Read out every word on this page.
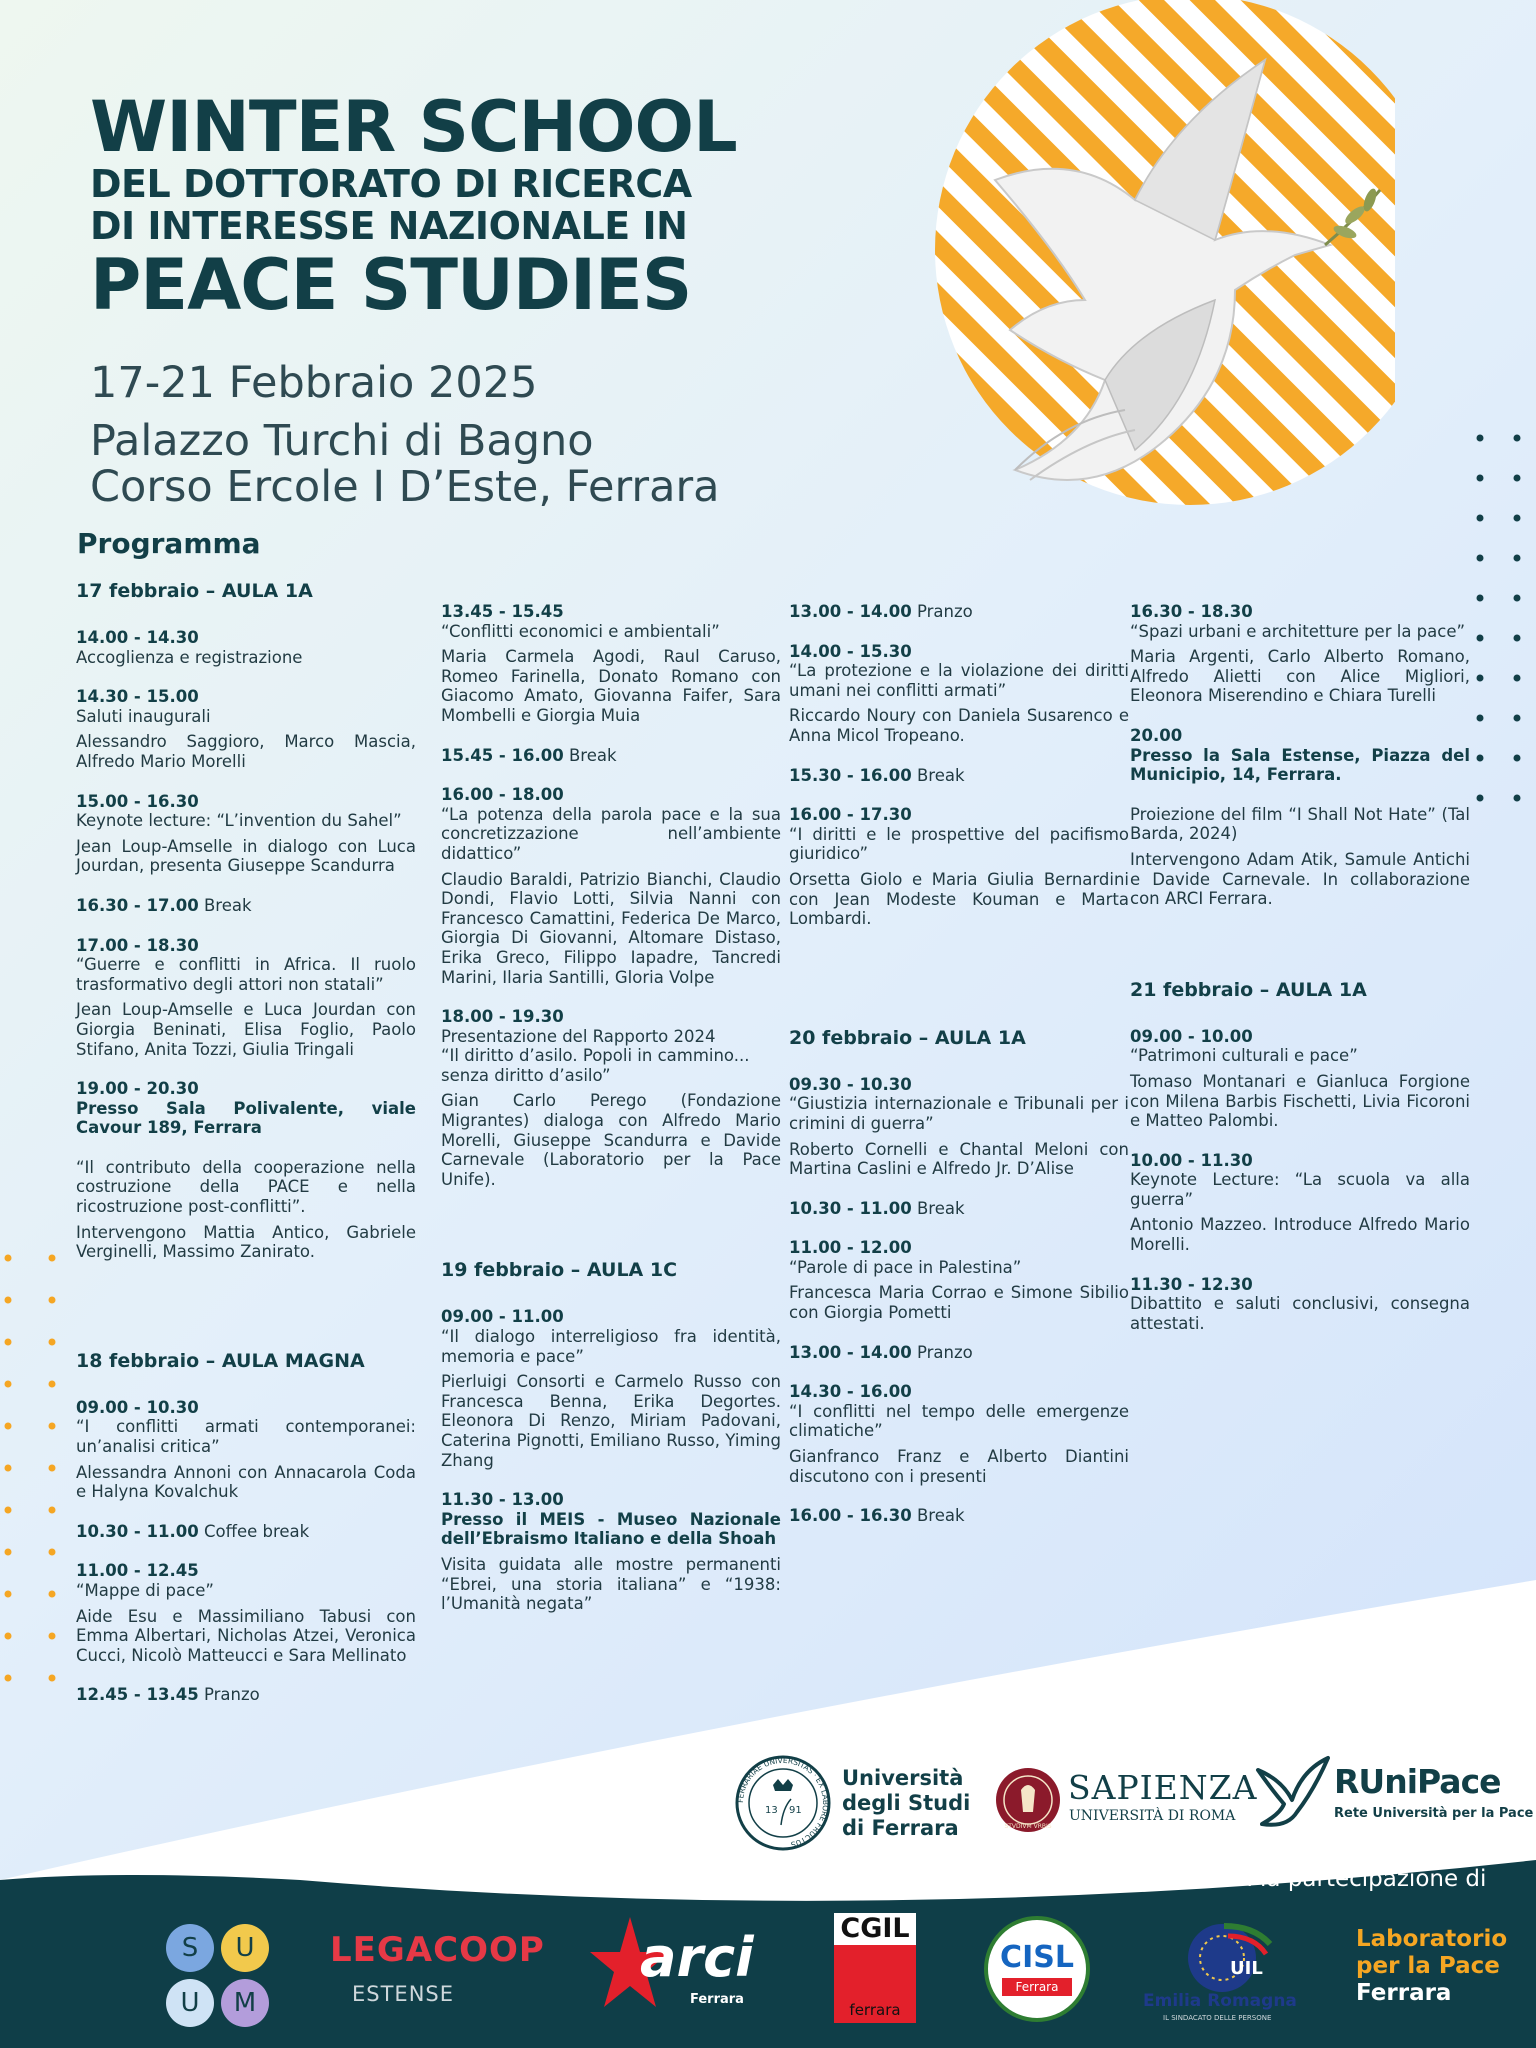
WINTER SCHOOL
DEL DOTTORATO DI RICERCA
DI INTERESSE NAZIONALE IN
PEACE STUDIES
17-21 Febbraio 2025
Palazzo Turchi di Bagno
Corso Ercole I D’Este, Ferrara
Programma

17 febbraio – AULA 1A

14.00 - 14.30
Accoglienza e registrazione

14.30 - 15.00
Saluti inaugurali

Alessandro Saggioro, Marco Mascia, Alfredo Mario Morelli

15.00 - 16.30
Keynote lecture: “L’invention du Sahel”

Jean Loup-Amselle in dialogo con Luca Jourdan, presenta Giuseppe Scandurra

16.30 - 17.00 Break

17.00 - 18.30
“Guerre e conflitti in Africa. Il ruolo trasformativo degli attori non statali”

Jean Loup-Amselle e Luca Jourdan con Giorgia Beninati, Elisa Foglio, Paolo Stifano, Anita Tozzi, Giulia Tringali

19.00 - 20.30
Presso Sala Polivalente, viale Cavour 189, Ferrara

“Il contributo della cooperazione nella costruzione della PACE e nella ricostruzione post-conflitti”.

Intervengono Mattia Antico, Gabriele Verginelli, Massimo Zanirato.

18 febbraio – AULA MAGNA

09.00 - 10.30
“I conflitti armati contemporanei: un’analisi critica”

Alessandra Annoni con Annacarola Coda e Halyna Kovalchuk

10.30 - 11.00 Coffee break

11.00 - 12.45
“Mappe di pace”

Aide Esu e Massimiliano Tabusi con Emma Albertari, Nicholas Atzei, Veronica Cucci, Nicolò Matteucci e Sara Mellinato

12.45 - 13.45 Pranzo

13.45 - 15.45
“Conflitti economici e ambientali”

Maria Carmela Agodi, Raul Caruso, Romeo Farinella, Donato Romano con Giacomo Amato, Giovanna Faifer, Sara Mombelli e Giorgia Muia

15.45 - 16.00 Break

16.00 - 18.00
“La potenza della parola pace e la sua concretizzazione nell’ambiente didattico”

Claudio Baraldi, Patrizio Bianchi, Claudio Dondi, Flavio Lotti, Silvia Nanni con Francesco Camattini, Federica De Marco, Giorgia Di Giovanni, Altomare Distaso, Erika Greco, Filippo Iapadre, Tancredi Marini, Ilaria Santilli, Gloria Volpe

18.00 - 19.30
Presentazione del Rapporto 2024
“Il diritto d’asilo. Popoli in cammino... senza diritto d’asilo”

Gian Carlo Perego (Fondazione Migrantes) dialoga con Alfredo Mario Morelli, Giuseppe Scandurra e Davide Carnevale (Laboratorio per la Pace Unife).

19 febbraio – AULA 1C

09.00 - 11.00
“Il dialogo interreligioso fra identità, memoria e pace”

Pierluigi Consorti e Carmelo Russo con Francesca Benna, Erika Degortes. Eleonora Di Renzo, Miriam Padovani, Caterina Pignotti, Emiliano Russo, Yiming Zhang

11.30 - 13.00
Presso il MEIS - Museo Nazionale dell’Ebraismo Italiano e della Shoah

Visita guidata alle mostre permanenti “Ebrei, una storia italiana” e “1938: l’Umanità negata”

13.00 - 14.00 Pranzo

14.00 - 15.30
“La protezione e la violazione dei diritti umani nei conflitti armati”

Riccardo Noury con Daniela Susarenco e Anna Micol Tropeano.

15.30 - 16.00 Break

16.00 - 17.30
“I diritti e le prospettive del pacifismo giuridico”

Orsetta Giolo e Maria Giulia Bernardini con Jean Modeste Kouman e Marta Lombardi.

20 febbraio – AULA 1A

09.30 - 10.30
“Giustizia internazionale e Tribunali per i crimini di guerra”

Roberto Cornelli e Chantal Meloni con Martina Caslini e Alfredo Jr. D’Alise

10.30 - 11.00 Break

11.00 - 12.00
“Parole di pace in Palestina”

Francesca Maria Corrao e Simone Sibilio con Giorgia Pometti

13.00 - 14.00 Pranzo

14.30 - 16.00
“I conflitti nel tempo delle emergenze climatiche”

Gianfranco Franz e Alberto Diantini discutono con i presenti

16.00 - 16.30 Break

16.30 - 18.30
“Spazi urbani e architetture per la pace”

Maria Argenti, Carlo Alberto Romano, Alfredo Alietti con Alice Migliori, Eleonora Miserendino e Chiara Turelli

20.00
Presso la Sala Estense, Piazza del Municipio, 14, Ferrara.

Proiezione del film “I Shall Not Hate” (Tal Barda, 2024)

Intervengono Adam Atik, Samule Antichi e Davide Carnevale. In collaborazione con ARCI Ferrara.

21 febbraio – AULA 1A

09.00 - 10.00
“Patrimoni culturali e pace”

Tomaso Montanari e Gianluca Forgione con Milena Barbis Fischetti, Livia Ficoroni e Matteo Palombi.

10.00 - 11.30
Keynote Lecture: “La scuola va alla guerra”

Antonio Mazzeo. Introduce Alfredo Mario Morelli.

11.30 - 12.30
Dibattito e saluti conclusivi, consegna attestati.

FERRARIAE UNIVERSITAS · EX LABORE FRUCTUS
13 91
Università
degli Studi
di Ferrara	STVDIVM VRBIS
SAPIENZA
UNIVERSITÀ DI ROMA
RUniPace
Rete Università per la Pace
Con la partecipazione di
S	U
U	M
LEGACOOP
ESTENSE
arci
Ferrara
CGIL
ferrara
CISL
Ferrara
UIL
Emilia Romagna
IL SINDACATO DELLE PERSONE
Laboratorio
per la Pace
Ferrara
